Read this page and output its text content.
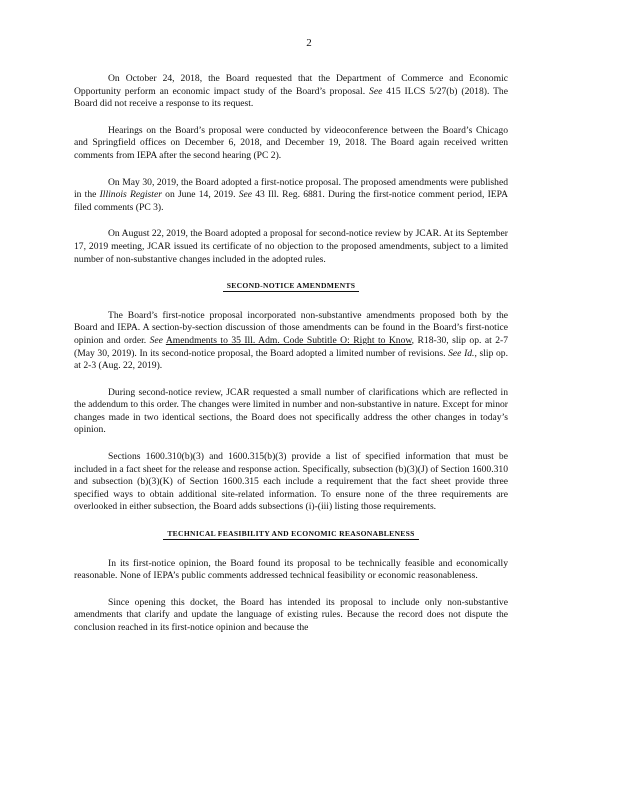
2

On October 24, 2018, the Board requested that the Department of Commerce and Economic Opportunity perform an economic impact study of the Board’s proposal. See 415 ILCS 5/27(b) (2018). The Board did not receive a response to its request.

Hearings on the Board’s proposal were conducted by videoconference between the Board’s Chicago and Springfield offices on December 6, 2018, and December 19, 2018. The Board again received written comments from IEPA after the second hearing (PC 2).

On May 30, 2019, the Board adopted a first-notice proposal. The proposed amendments were published in the Illinois Register on June 14, 2019. See 43 Ill. Reg. 6881. During the first-notice comment period, IEPA filed comments (PC 3).

On August 22, 2019, the Board adopted a proposal for second-notice review by JCAR. At its September 17, 2019 meeting, JCAR issued its certificate of no objection to the proposed amendments, subject to a limited number of non-substantive changes included in the adopted rules.

SECOND-NOTICE AMENDMENTS

The Board’s first-notice proposal incorporated non-substantive amendments proposed both by the Board and IEPA. A section-by-section discussion of those amendments can be found in the Board’s first-notice opinion and order. See Amendments to 35 Ill. Adm. Code Subtitle O: Right to Know, R18-30, slip op. at 2-7 (May 30, 2019). In its second-notice proposal, the Board adopted a limited number of revisions. See Id., slip op. at 2-3 (Aug. 22, 2019).

During second-notice review, JCAR requested a small number of clarifications which are reflected in the addendum to this order. The changes were limited in number and non-substantive in nature. Except for minor changes made in two identical sections, the Board does not specifically address the other changes in today’s opinion.

Sections 1600.310(b)(3) and 1600.315(b)(3) provide a list of specified information that must be included in a fact sheet for the release and response action. Specifically, subsection (b)(3)(J) of Section 1600.310 and subsection (b)(3)(K) of Section 1600.315 each include a requirement that the fact sheet provide three specified ways to obtain additional site-related information. To ensure none of the three requirements are overlooked in either subsection, the Board adds subsections (i)-(iii) listing those requirements.

TECHNICAL FEASIBILITY AND ECONOMIC REASONABLENESS

In its first-notice opinion, the Board found its proposal to be technically feasible and economically reasonable. None of IEPA’s public comments addressed technical feasibility or economic reasonableness.

Since opening this docket, the Board has intended its proposal to include only non-substantive amendments that clarify and update the language of existing rules. Because the record does not dispute the conclusion reached in its first-notice opinion and because the
